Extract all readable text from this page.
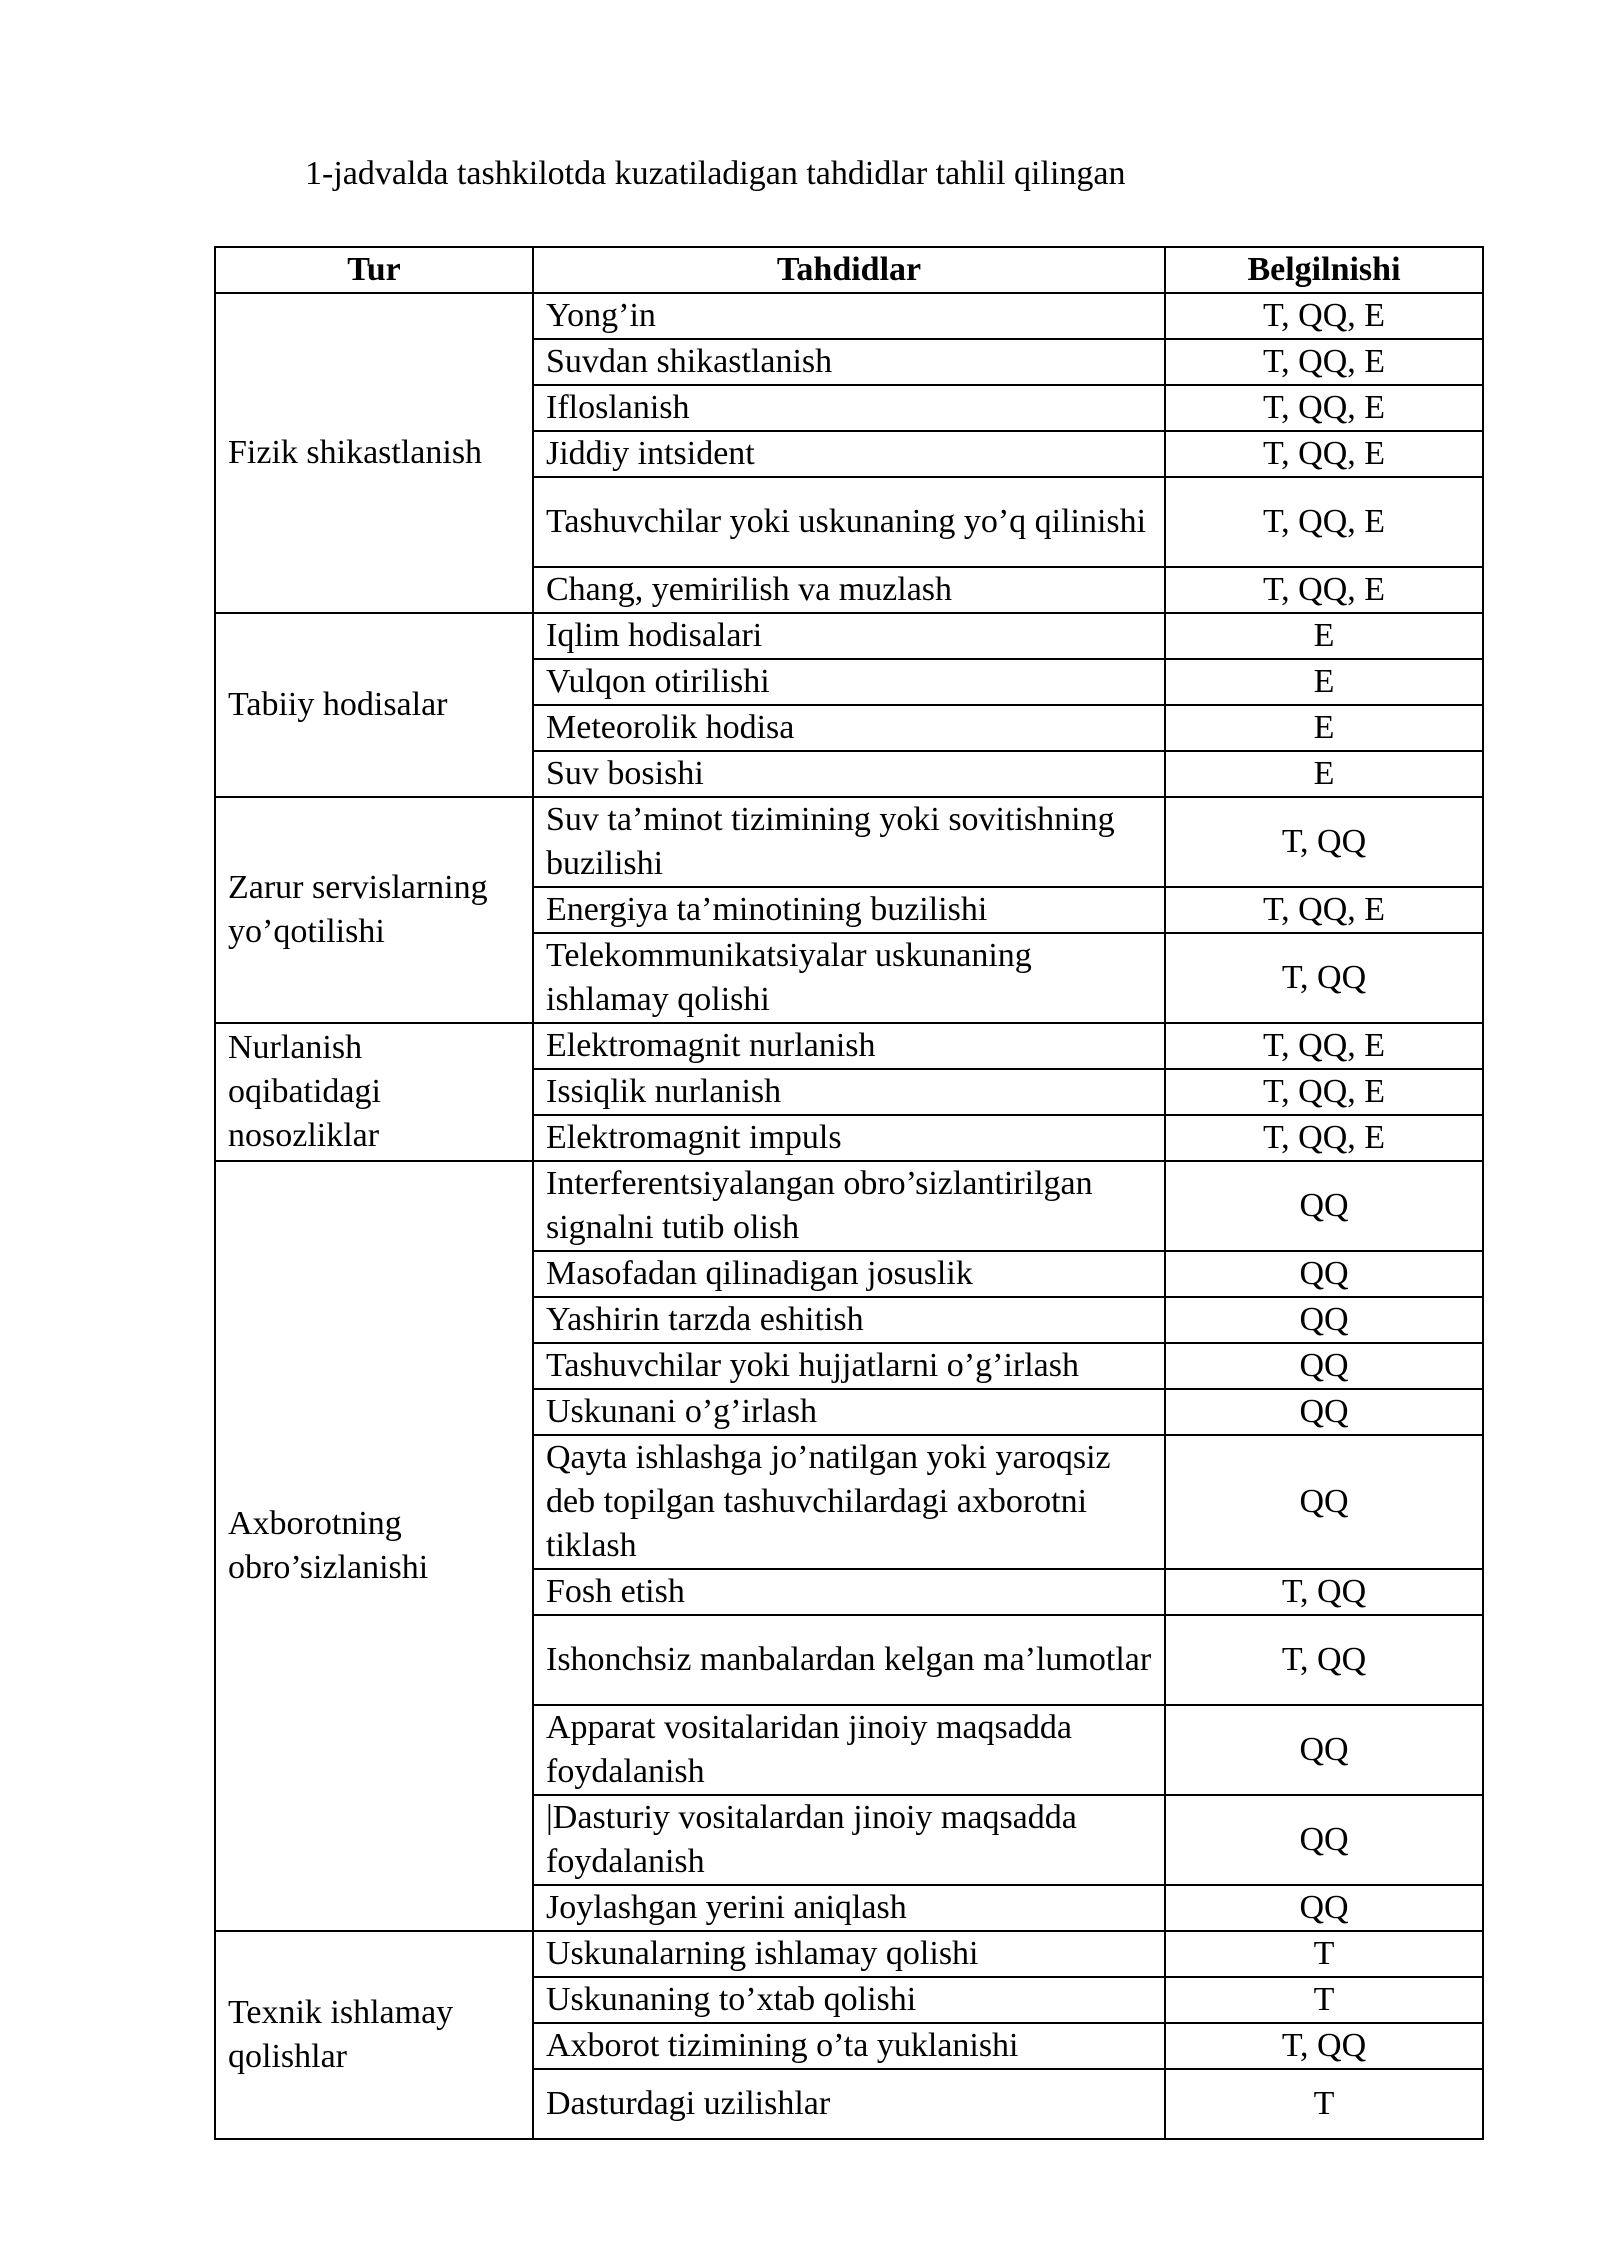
1-jadvalda tashkilotda kuzatiladigan tahdidlar tahlil qilingan
Tur	Tahdidlar	Belgilnishi
Fizik shikastlanish	Yong’in	T, QQ, E
	Suvdan shikastlanish	T, QQ, E
	Ifloslanish	T, QQ, E
	Jiddiy intsident	T, QQ, E
	Tashuvchilar yoki uskunaning yo’q qilinishi	T, QQ, E
	Chang, yemirilish va muzlash	T, QQ, E
Tabiiy hodisalar	Iqlim hodisalari	E
	Vulqon otirilishi	E
	Meteorolik hodisa	E
	Suv bosishi	E
Zarur servislarning yo’qotilishi	Suv ta’minot tizimining yoki sovitishning buzilishi	T, QQ
	Energiya ta’minotining buzilishi	T, QQ, E
	Telekommunikatsiyalar uskunaning ishlamay qolishi	T, QQ
Nurlanish oqibatidagi nosozliklar	Elektromagnit nurlanish	T, QQ, E
	Issiqlik nurlanish	T, QQ, E
	Elektromagnit impuls	T, QQ, E
Axborotning obro’sizlanishi	Interferentsiyalangan obro’sizlantirilgan signalni tutib olish	QQ
	Masofadan qilinadigan josuslik	QQ
	Yashirin tarzda eshitish	QQ
	Tashuvchilar yoki hujjatlarni o’g’irlash	QQ
	Uskunani o’g’irlash	QQ
	Qayta ishlashga jo’natilgan yoki yaroqsiz deb topilgan tashuvchilardagi axborotni tiklash	QQ
	Fosh etish	T, QQ
	Ishonchsiz manbalardan kelgan ma’lumotlar	T, QQ
	Apparat vositalaridan jinoiy maqsadda foydalanish	QQ
	|Dasturiy vositalardan jinoiy maqsadda foydalanish	QQ
	Joylashgan yerini aniqlash	QQ
Texnik ishlamay qolishlar	Uskunalarning ishlamay qolishi	T
	Uskunaning to’xtab qolishi	T
	Axborot tizimining o’ta yuklanishi	T, QQ
	Dasturdagi uzilishlar	T
